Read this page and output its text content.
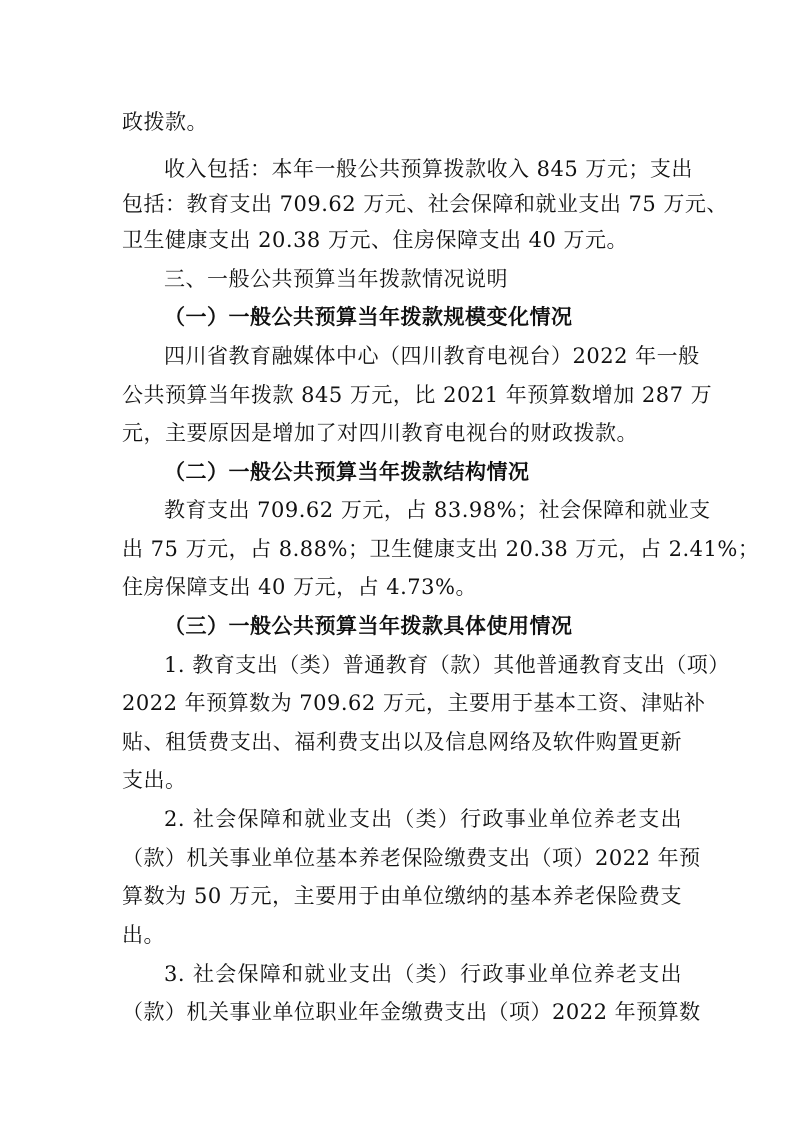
政拨款。
收入包括：本年一般公共预算拨款收入 845 万元；支出
包括：教育支出 709.62 万元、社会保障和就业支出 75 万元、
卫生健康支出 20.38 万元、住房保障支出 40 万元。
三、一般公共预算当年拨款情况说明
（一）一般公共预算当年拨款规模变化情况
四川省教育融媒体中心（四川教育电视台）2022 年一般
公共预算当年拨款 845 万元，比 2021 年预算数增加 287 万
元，主要原因是增加了对四川教育电视台的财政拨款。
（二）一般公共预算当年拨款结构情况
教育支出 709.62 万元，占 83.98%；社会保障和就业支
出 75 万元，占 8.88%；卫生健康支出 20.38 万元，占 2.41%；
住房保障支出 40 万元，占 4.73%。
（三）一般公共预算当年拨款具体使用情况
1. 教育支出（类）普通教育（款）其他普通教育支出（项）
2022 年预算数为 709.62 万元，主要用于基本工资、津贴补
贴、租赁费支出、福利费支出以及信息网络及软件购置更新
支出。
2. 社会保障和就业支出（类）行政事业单位养老支出
（款）机关事业单位基本养老保险缴费支出（项）2022 年预
算数为 50 万元，主要用于由单位缴纳的基本养老保险费支
出。
3. 社会保障和就业支出（类）行政事业单位养老支出
（款）机关事业单位职业年金缴费支出（项）2022 年预算数
